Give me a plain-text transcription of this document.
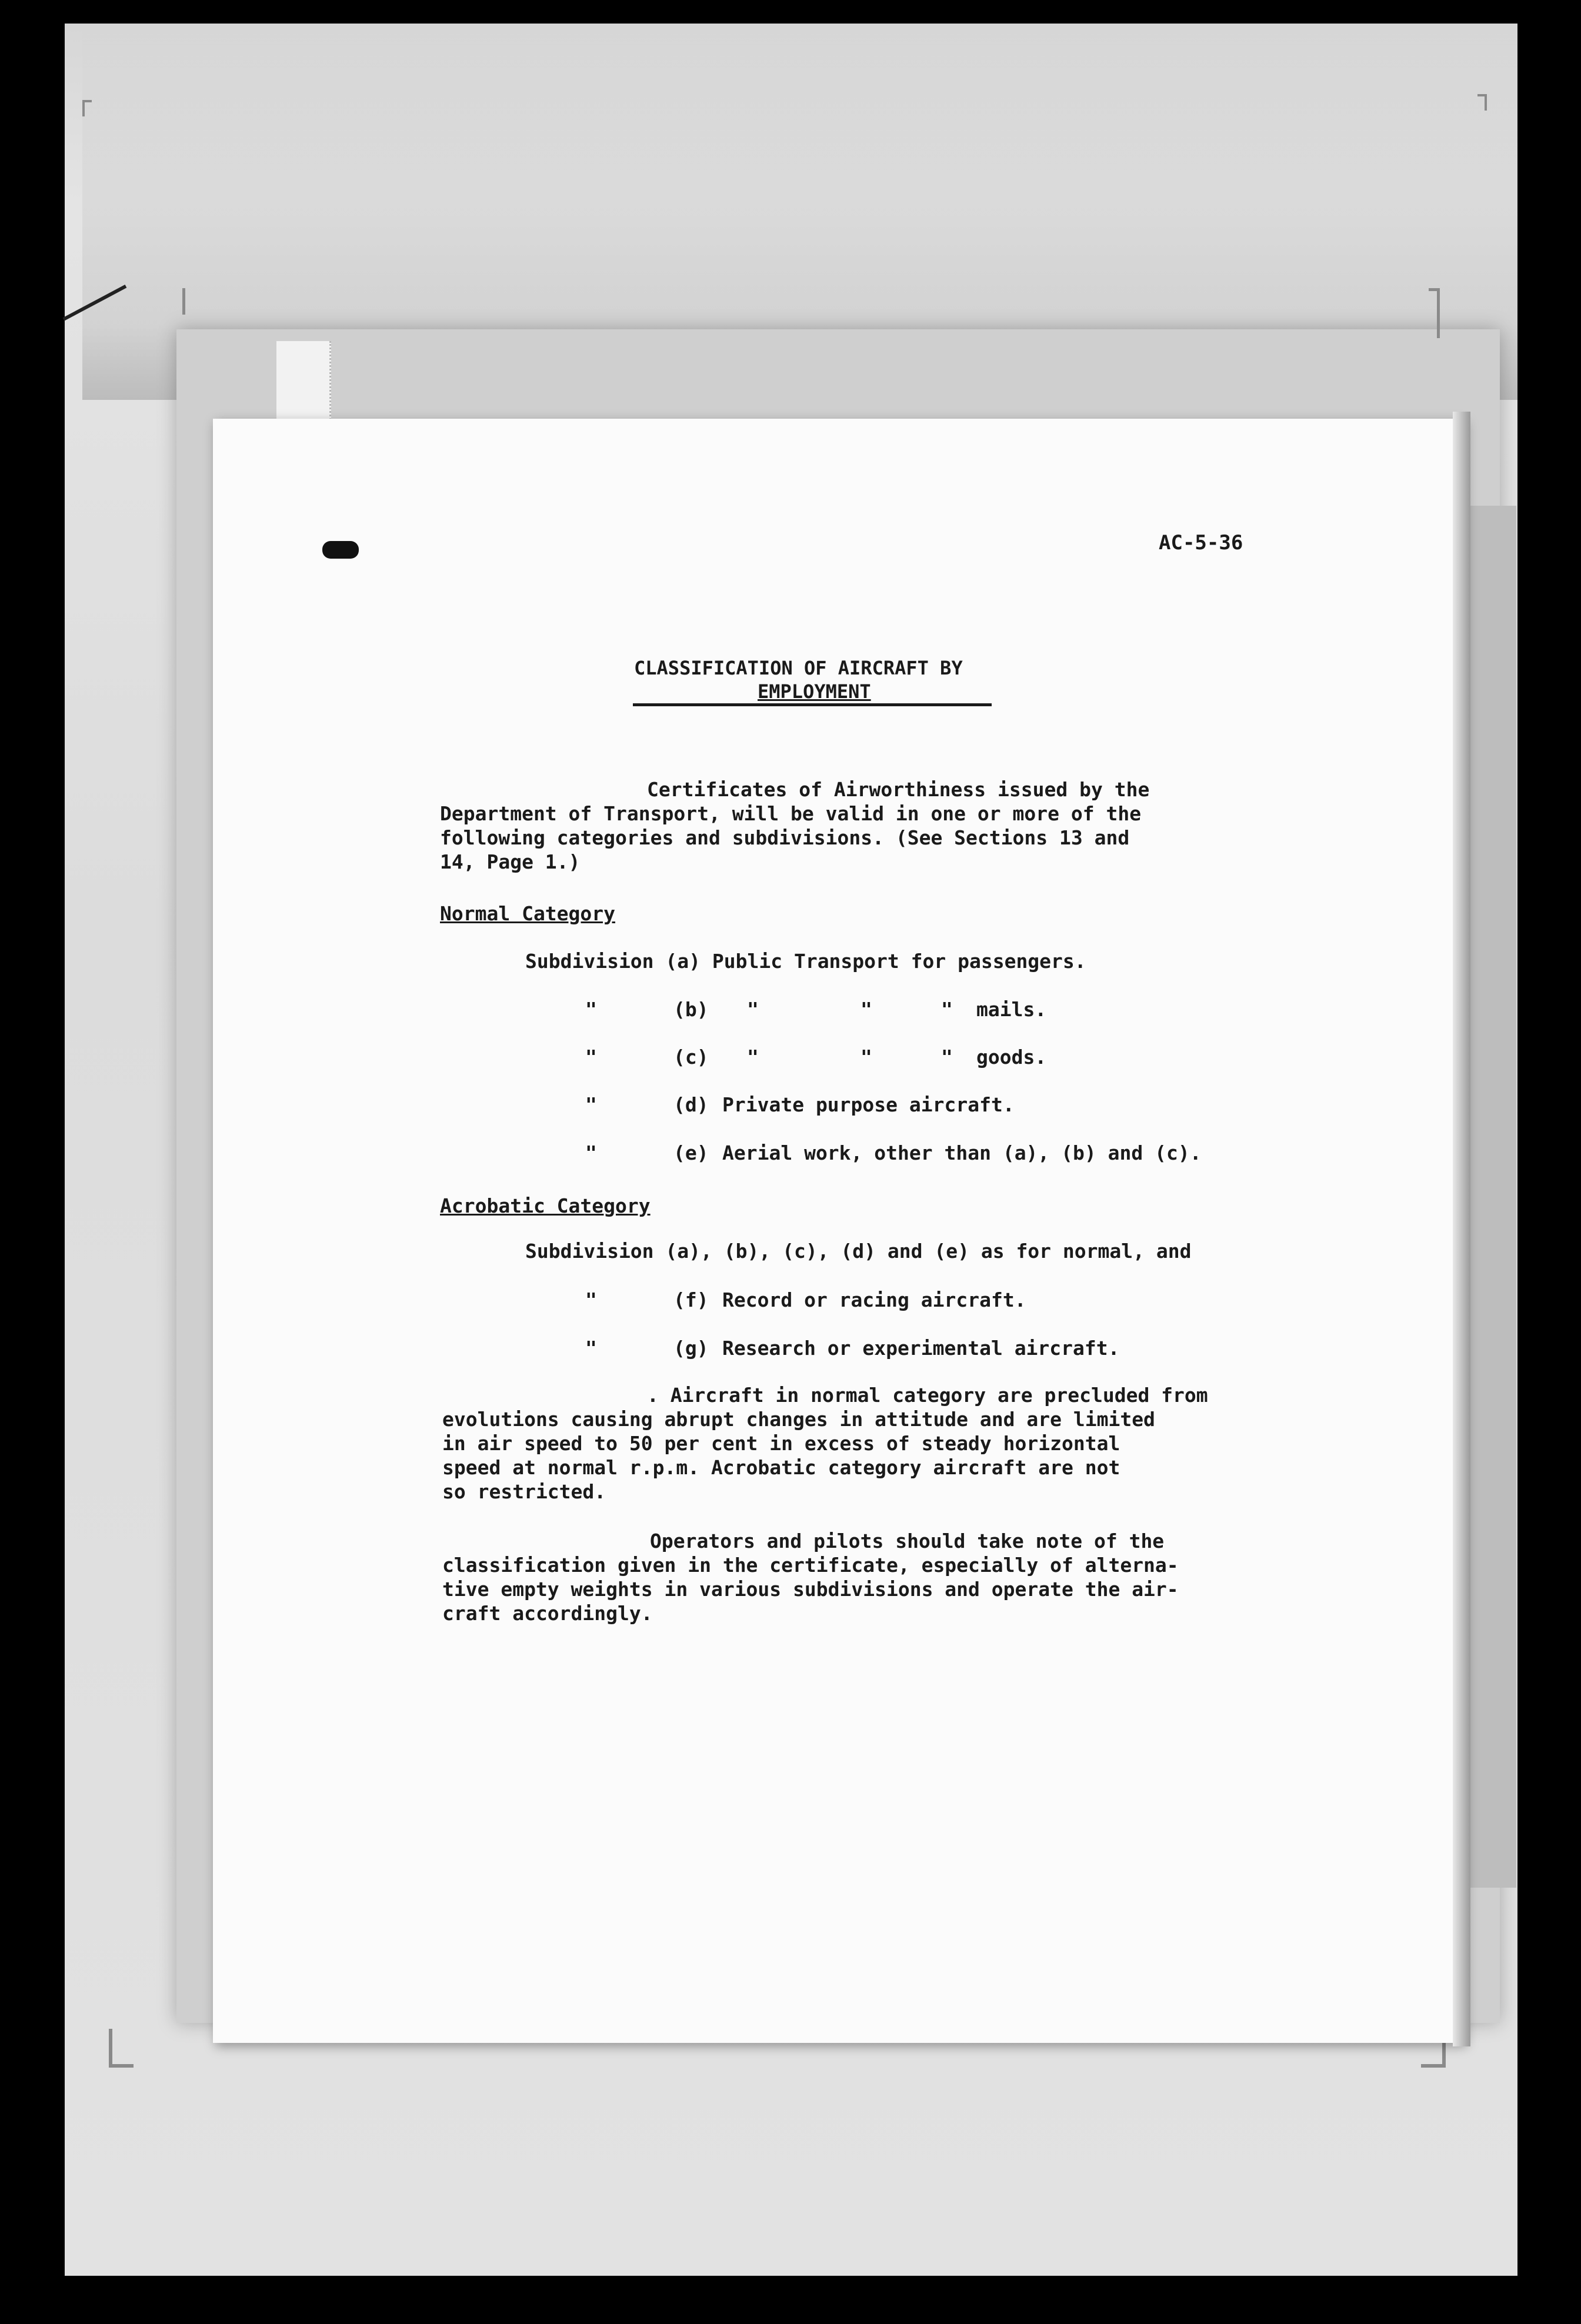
AC-5-36
CLASSIFICATION OF AIRCRAFT BY
EMPLOYMENT
Certificates of Airworthiness issued by the
Department of Transport, will be valid in one or more of the
following categories and subdivisions. (See Sections 13 and
14, Page 1.)
Normal Category
Subdivision (a) Public Transport for passengers.
"	(b) "	"	" mails.
"	(c) "	"	" goods.
"	(d) Private purpose aircraft.
"	(e) Aerial work, other than (a), (b) and (c).
Acrobatic Category
Subdivision (a), (b), (c), (d) and (e) as for normal, and
"	(f) Record or racing aircraft.
"	(g) Research or experimental aircraft.
. Aircraft in normal category are precluded from
evolutions causing abrupt changes in attitude and are limited
in air speed to 50 per cent in excess of steady horizontal
speed at normal r.p.m. Acrobatic category aircraft are not
so restricted.
Operators and pilots should take note of the
classification given in the certificate, especially of alterna-
tive empty weights in various subdivisions and operate the air-
craft accordingly.
